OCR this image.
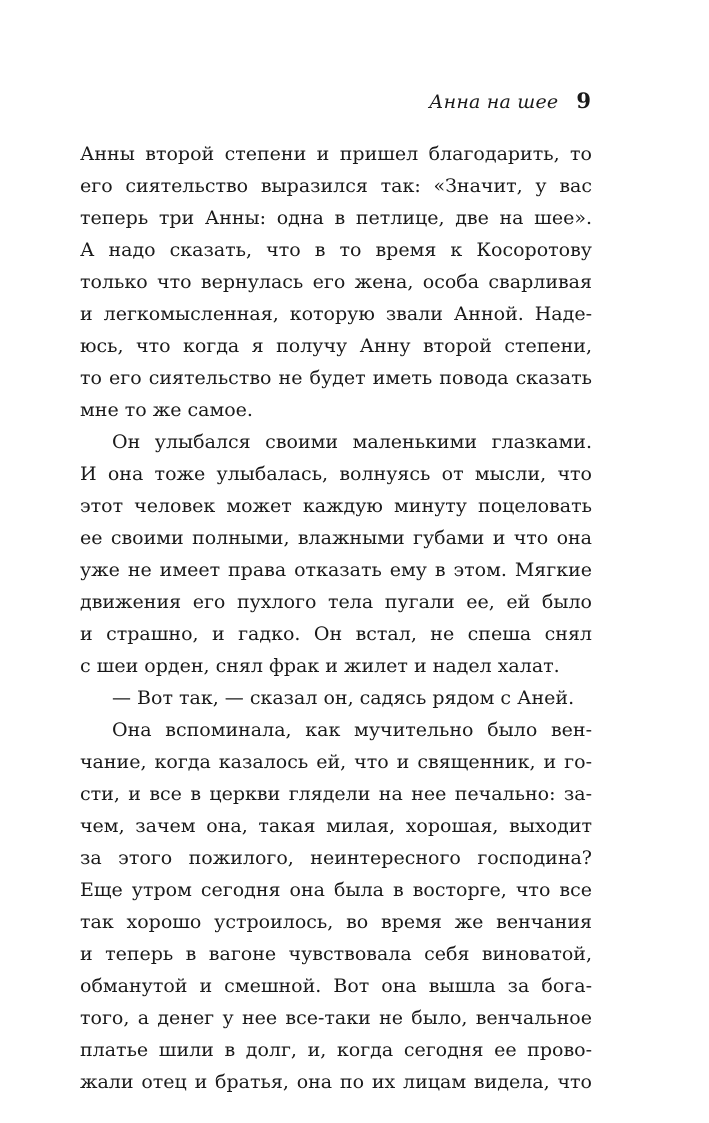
Анна на шее 9
Анны второй степени и пришел благодарить, то
его сиятельство выразился так: «Значит, у вас
теперь три Анны: одна в петлице, две на шее».
А надо сказать, что в то время к Косоротову
только что вернулась его жена, особа сварливая
и легкомысленная, которую звали Анной. Наде-
юсь, что когда я получу Анну второй степени,
то его сиятельство не будет иметь повода сказать
мне то же самое.
Он улыбался своими маленькими глазками.
И она тоже улыбалась, волнуясь от мысли, что
этот человек может каждую минуту поцеловать
ее своими полными, влажными губами и что она
уже не имеет права отказать ему в этом. Мягкие
движения его пухлого тела пугали ее, ей было
и страшно, и гадко. Он встал, не спеша снял
с шеи орден, снял фрак и жилет и надел халат.
— Вот так, — сказал он, садясь рядом с Аней.
Она вспоминала, как мучительно было вен-
чание, когда казалось ей, что и священник, и го-
сти, и все в церкви глядели на нее печально: за-
чем, зачем она, такая милая, хорошая, выходит
за этого пожилого, неинтересного господина?
Еще утром сегодня она была в восторге, что все
так хорошо устроилось, во время же венчания
и теперь в вагоне чувствовала себя виноватой,
обманутой и смешной. Вот она вышла за бога-
того, а денег у нее все-таки не было, венчальное
платье шили в долг, и, когда сегодня ее прово-
жали отец и братья, она по их лицам видела, что
